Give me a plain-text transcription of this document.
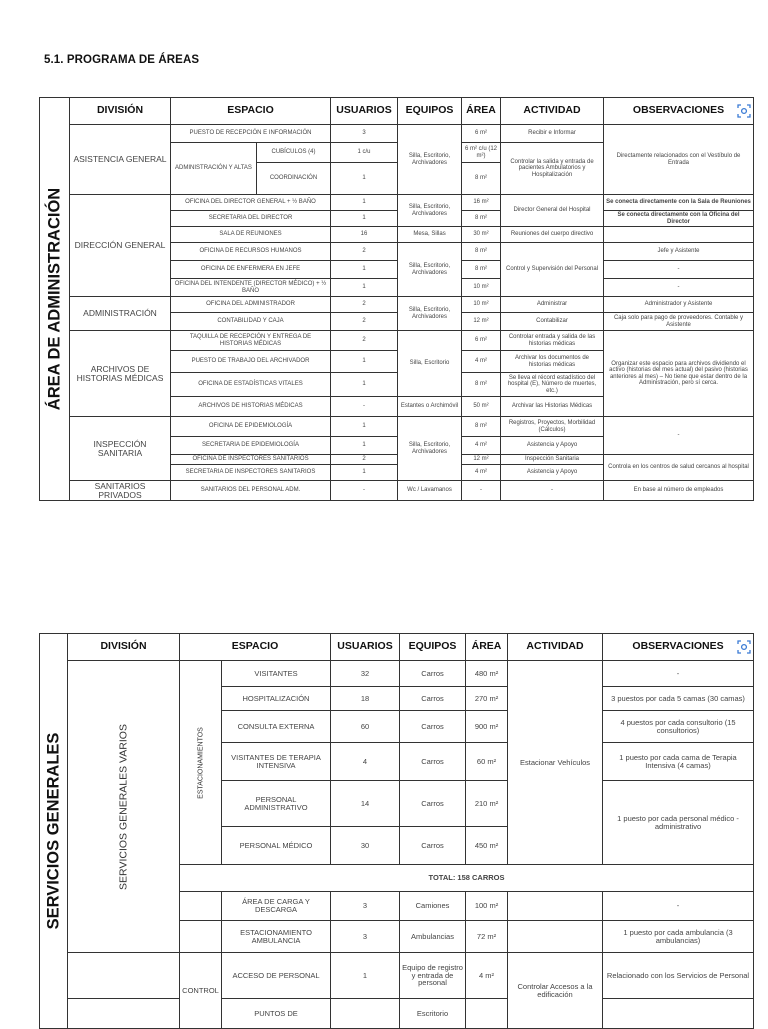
5.1. PROGRAMA DE ÁREAS
ÁREA DE ADMINISTRACIÓN	DIVISIÓN	ESPACIO		USUARIOS	EQUIPOS	ÁREA	ACTIVIDAD	OBSERVACIONES

	ASISTENCIA GENERAL	PUESTO DE RECEPCIÓN E INFORMACIÓN		3	Silla, Escritorio, Archivadores	6 m²	Recibir e Informar	Directamente relacionados con el Vestíbulo de Entrada
		ADMINISTRACIÓN Y ALTAS	CUBÍCULOS (4)	1 c/u		6 m² c/u (12 m²)	Controlar la salida y entrada de pacientes Ambulatorios y Hospitalización	
			COORDINACIÓN	1		8 m²		
	DIRECCIÓN GENERAL	OFICINA DEL DIRECTOR GENERAL + ½ BAÑO		1	Silla, Escritorio, Archivadores	16 m²	Director General del Hospital	Se conecta directamente con la Sala de Reuniones
		SECRETARIA DEL DIRECTOR		1		8 m²		Se conecta directamente con la Oficina del Director
		SALA DE REUNIONES		16	Mesa, Sillas	30 m²	Reuniones del cuerpo directivo	
		OFICINA DE RECURSOS HUMANOS		2	Silla, Escritorio, Archivadores	8 m²	Control y Supervisión del Personal	Jefe y Asistente
		OFICINA DE ENFERMERA EN JEFE		1		8 m²		-
		OFICINA DEL INTENDENTE (DIRECTOR MÉDICO) + ½ BAÑO		1		10 m²		-
	ADMINISTRACIÓN	OFICINA DEL ADMINISTRADOR		2	Silla, Escritorio, Archivadores	10 m²	Administrar	Administrador y Asistente
		CONTABILIDAD Y CAJA		2		12 m²	Contabilizar	Caja solo para pago de proveedores. Contable y Asistente
	ARCHIVOS DE HISTORIAS MÉDICAS	TAQUILLA DE RECEPCIÓN Y ENTREGA DE HISTORIAS MÉDICAS		2	Silla, Escritorio	6 m²	Controlar entrada y salida de las historias médicas	Organizar este espacio para archivos dividiendo el activo (historias del mes actual) del pasivo (historias anteriores al mes) – No tiene que estar dentro de la Administración, pero sí cerca.
		PUESTO DE TRABAJO DEL ARCHIVADOR		1		4 m²	Archivar los documentos de historias médicas	
		OFICINA DE ESTADÍSTICAS VITALES		1		8 m²	Se lleva el récord estadístico del hospital (E), Número de muertes, etc.)	
		ARCHIVOS DE HISTORIAS MÉDICAS		-	Estantes o Archimóvil	50 m²	Archivar las Historias Médicas	
	INSPECCIÓN SANITARIA	OFICINA DE EPIDEMIOLOGÍA		1	Silla, Escritorio, Archivadores	8 m²	Registros, Proyectos, Morbilidad (Cálculos)	-
		SECRETARIA DE EPIDEMIOLOGÍA		1		4 m²	Asistencia y Apoyo	
		OFICINA DE INSPECTORES SANITARIOS		2		12 m²	Inspección Sanitaria	Controla en los centros de salud cercanos al hospital
		SECRETARIA DE INSPECTORES SANITARIOS		1		4 m²	Asistencia y Apoyo	
	SANITARIOS PRIVADOS	SANITARIOS DEL PERSONAL ADM.		-	Wc / Lavamanos	-	-	En base al número de empleados
SERVICIOS GENERALES	DIVISIÓN	ESPACIO		USUARIOS	EQUIPOS	ÁREA	ACTIVIDAD	OBSERVACIONES

	SERVICIOS GENERALES VARIOS	ESTACIONAMIENTOS	VISITANTES	32	Carros	480 m²	Estacionar Vehículos	-
			HOSPITALIZACIÓN	18	Carros	270 m²		3 puestos por cada 5 camas (30 camas)
			CONSULTA EXTERNA	60	Carros	900 m²		4 puestos por cada consultorio (15 consultorios)
			VISITANTES DE TERAPIA INTENSIVA	4	Carros	60 m²		1 puesto por cada cama de Terapia Intensiva (4 camas)
			PERSONAL ADMINISTRATIVO	14	Carros	210 m²		1 puesto por cada personal médico - administrativo
			PERSONAL MÉDICO	30	Carros	450 m²		
		TOTAL: 158 CARROS						
			ÁREA DE CARGA Y DESCARGA	3	Camiones	100 m²		-
			ESTACIONAMIENTO AMBULANCIA	3	Ambulancias	72 m²		1 puesto por cada ambulancia (3 ambulancias)
		CONTROL	ACCESO DE PERSONAL	1	Equipo de registro y entrada de personal	4 m²	Controlar Accesos a la edificación	Relacionado con los Servicios de Personal
			PUNTOS DE		Escritorio			
